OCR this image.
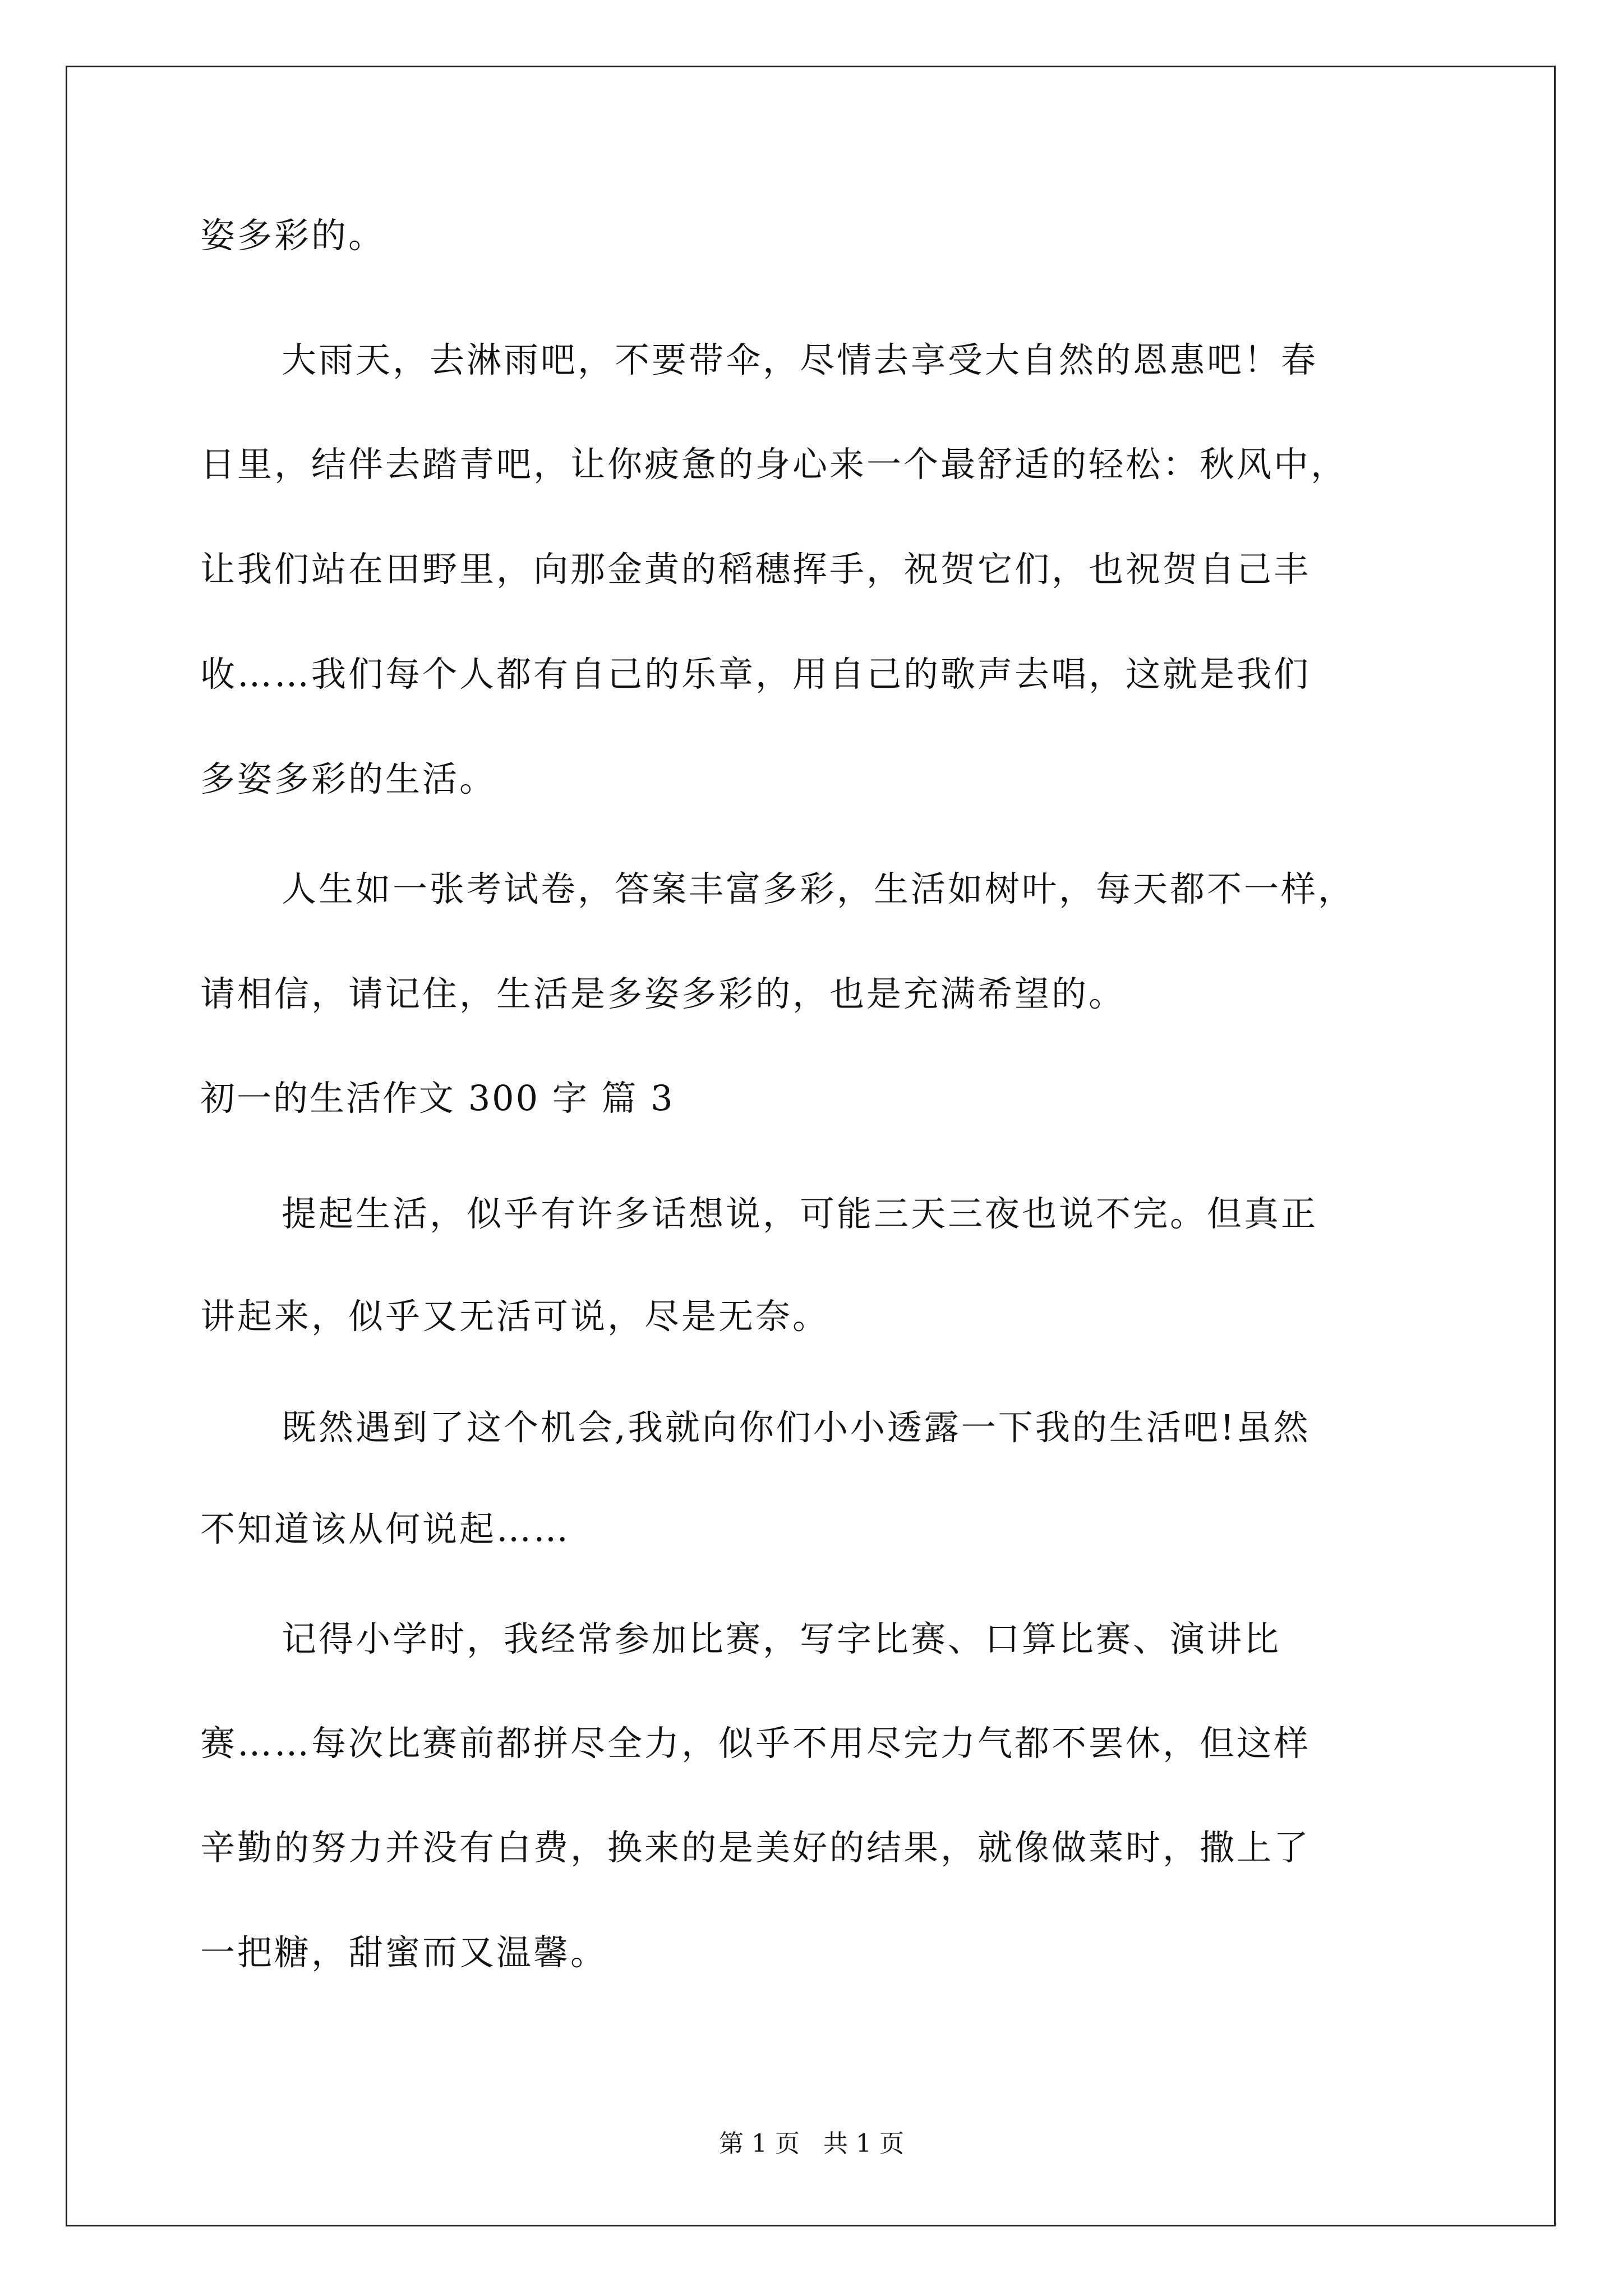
姿多彩的。
大雨天，去淋雨吧，不要带伞，尽情去享受大自然的恩惠吧！春
日里，结伴去踏青吧，让你疲惫的身心来一个最舒适的轻松：秋风中，
让我们站在田野里，向那金黄的稻穗挥手，祝贺它们，也祝贺自己丰
收……我们每个人都有自己的乐章，用自己的歌声去唱，这就是我们
多姿多彩的生活。
人生如一张考试卷，答案丰富多彩，生活如树叶，每天都不一样，
请相信，请记住，生活是多姿多彩的，也是充满希望的。
初一的生活作文 300 字 篇 3
提起生活，似乎有许多话想说，可能三天三夜也说不完。但真正
讲起来，似乎又无活可说，尽是无奈。
既然遇到了这个机会,我就向你们小小透露一下我的生活吧!虽然
不知道该从何说起……
记得小学时，我经常参加比赛，写字比赛、口算比赛、演讲比
赛……每次比赛前都拼尽全力，似乎不用尽完力气都不罢休，但这样
辛勤的努力并没有白费，换来的是美好的结果，就像做菜时，撒上了
一把糖，甜蜜而又温馨。
第 1 页   共 1 页
